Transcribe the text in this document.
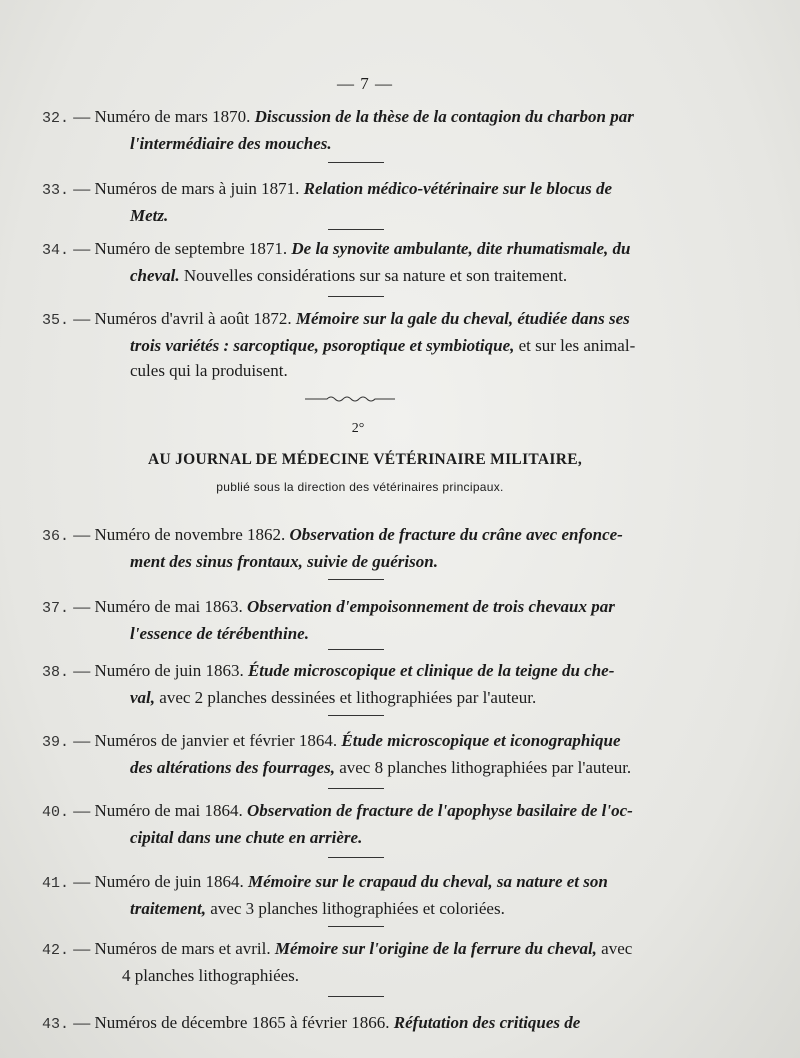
— 7 —
32. — Numéro de mars 1870. Discussion de la thèse de la contagion du charbon par
l'intermédiaire des mouches.
33. — Numéros de mars à juin 1871. Relation médico-vétérinaire sur le blocus de
Metz.
34. — Numéro de septembre 1871. De la synovite ambulante, dite rhumatismale, du
cheval. Nouvelles considérations sur sa nature et son traitement.
35. — Numéros d'avril à août 1872. Mémoire sur la gale du cheval, étudiée dans ses
trois variétés : sarcoptique, psoroptique et symbiotique, et sur les animal-
cules qui la produisent.
2°
AU JOURNAL DE MÉDECINE VÉTÉRINAIRE MILITAIRE,
publié sous la direction des vétérinaires principaux.
36. — Numéro de novembre 1862. Observation de fracture du crâne avec enfonce-
ment des sinus frontaux, suivie de guérison.
37. — Numéro de mai 1863. Observation d'empoisonnement de trois chevaux par
l'essence de térébenthine.
38. — Numéro de juin 1863. Étude microscopique et clinique de la teigne du che-
val, avec 2 planches dessinées et lithographiées par l'auteur.
39. — Numéros de janvier et février 1864. Étude microscopique et iconographique
des altérations des fourrages, avec 8 planches lithographiées par l'auteur.
40. — Numéro de mai 1864. Observation de fracture de l'apophyse basilaire de l'oc-
cipital dans une chute en arrière.
41. — Numéro de juin 1864. Mémoire sur le crapaud du cheval, sa nature et son
traitement, avec 3 planches lithographiées et coloriées.
42. — Numéros de mars et avril. Mémoire sur l'origine de la ferrure du cheval, avec
4 planches lithographiées.
43. — Numéros de décembre 1865 à février 1866. Réfutation des critiques de
